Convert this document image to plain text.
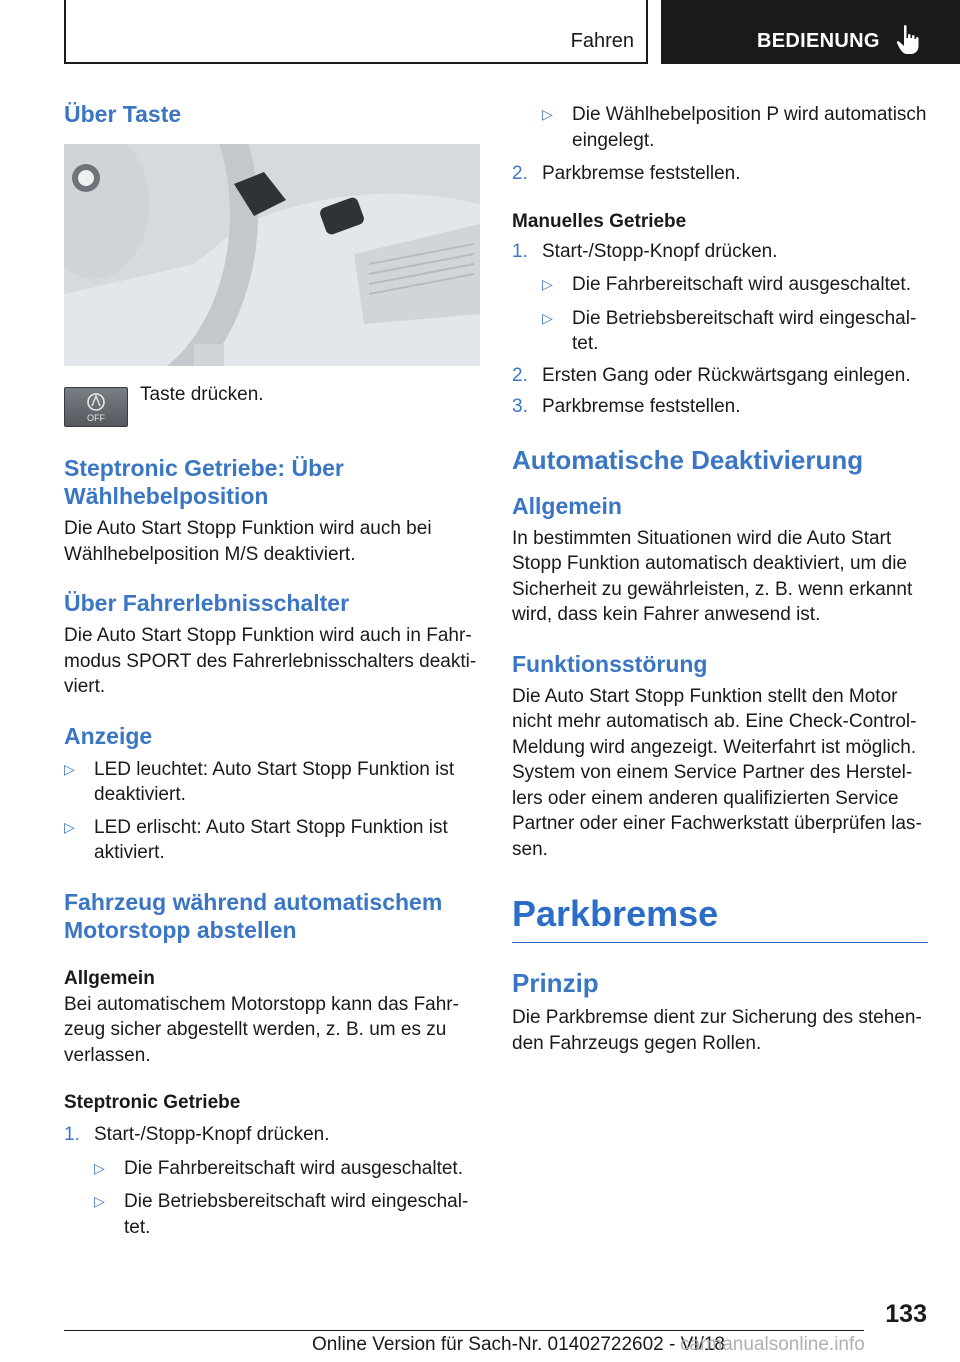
Fahren	BEDIENUNG
Über Taste
OFF
Taste drücken.
Steptronic Getriebe: Über Wählhebelposition

Die Auto Start Stopp Funktion wird auch bei Wählhebelposition M/S deaktiviert.

Über Fahrerlebnisschalter

Die Auto Start Stopp Funktion wird auch in Fahrmodus SPORT des Fahrerlebnisschalters deaktiviert.

Anzeige
▷ LED leuchtet: Auto Start Stopp Funktion ist deaktiviert.
▷ LED erlischt: Auto Start Stopp Funktion ist aktiviert.
Fahrzeug während automatischem Motorstopp abstellen
Allgemein

Bei automatischem Motorstopp kann das Fahrzeug sicher abgestellt werden, z. B. um es zu verlassen.

Steptronic Getriebe
1. Start-/Stopp-Knopf drücken.
▷ Die Fahrbereitschaft wird ausgeschaltet.
▷ Die Betriebsbereitschaft wird eingeschaltet.
▷ Die Wählhebelposition P wird automatisch eingelegt.
2. Parkbremse feststellen.
Manuelles Getriebe
1. Start-/Stopp-Knopf drücken.
▷ Die Fahrbereitschaft wird ausgeschaltet.
▷ Die Betriebsbereitschaft wird eingeschaltet.
2. Ersten Gang oder Rückwärtsgang einlegen.
3. Parkbremse feststellen.
Automatische Deaktivierung
Allgemein

In bestimmten Situationen wird die Auto Start Stopp Funktion automatisch deaktiviert, um die Sicherheit zu gewährleisten, z. B. wenn erkannt wird, dass kein Fahrer anwesend ist.

Funktionsstörung

Die Auto Start Stopp Funktion stellt den Motor nicht mehr automatisch ab. Eine Check-Control-Meldung wird angezeigt. Weiterfahrt ist möglich. System von einem Service Partner des Herstellers oder einem anderen qualifizierten Service Partner oder einer Fachwerkstatt überprüfen lassen.

Parkbremse
Prinzip

Die Parkbremse dient zur Sicherung des stehenden Fahrzeugs gegen Rollen.

133
Online Version für Sach-Nr. 01402722602 - VI/18
carmanualsonline.info
